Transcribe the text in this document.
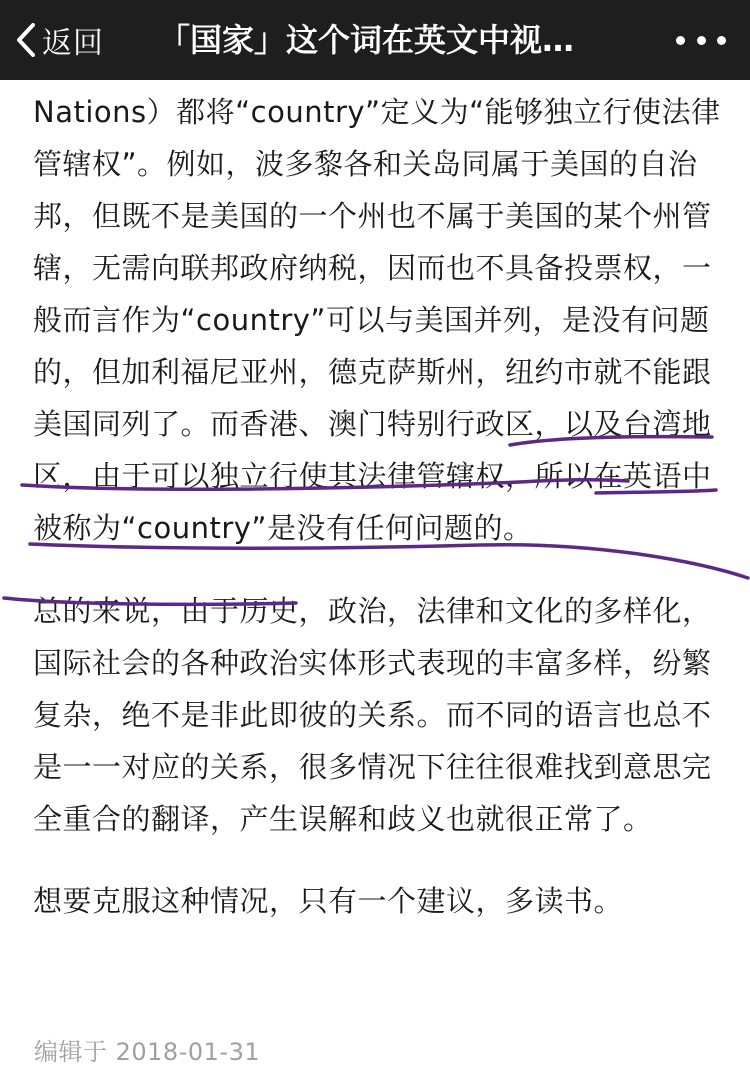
返回 「国家」这个词在英文中视…

Nations）都将“country”定义为“能够独立行使法律管辖权”。例如，波多黎各和关岛同属于美国的自治邦，但既不是美国的一个州也不属于美国的某个州管辖，无需向联邦政府纳税，因而也不具备投票权，一般而言作为“country”可以与美国并列，是没有问题的，但加利福尼亚州，德克萨斯州，纽约市就不能跟美国同列了。而香港、澳门特别行政区，以及台湾地区，由于可以独立行使其法律管辖权，所以在英语中被称为“country”是没有任何问题的。

总的来说，由于历史，政治，法律和文化的多样化，国际社会的各种政治实体形式表现的丰富多样，纷繁复杂，绝不是非此即彼的关系。而不同的语言也总不是一一对应的关系，很多情况下往往很难找到意思完全重合的翻译，产生误解和歧义也就很正常了。

想要克服这种情况，只有一个建议，多读书。

编辑于 2018-01-31
